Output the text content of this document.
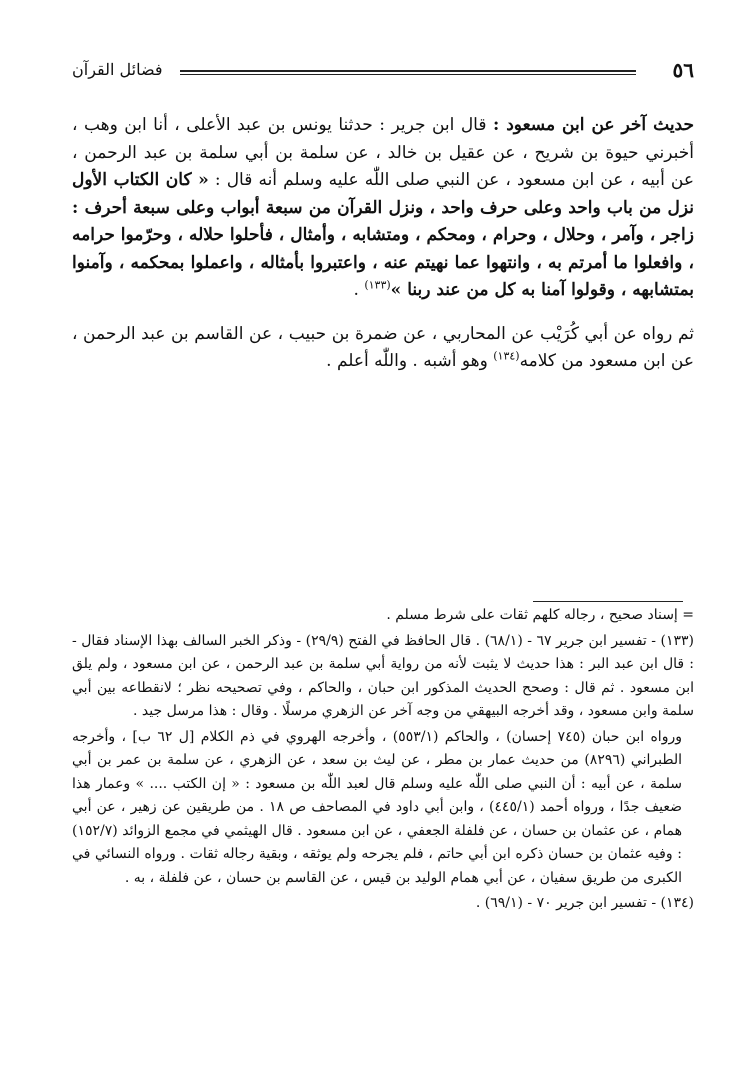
٥٦
فضائل القرآن

حديث آخر عن ابن مسعود : قال ابن جرير : حدثنا يونس بن عبد الأعلى ، أنا ابن وهب ، أخبرني حيوة بن شريح ، عن عقيل بن خالد ، عن سلمة بن أبي سلمة بن عبد الرحمن ، عن أبيه ، عن ابن مسعود ، عن النبي صلى اللّٰه عليه وسلم أنه قال : « كان الكتاب الأول نزل من باب واحد وعلى حرف واحد ، ونزل القرآن من سبعة أبواب وعلى سبعة أحرف : زاجر ، وآمر ، وحلال ، وحرام ، ومحكم ، ومتشابه ، وأمثال ، فأحلوا حلاله ، وحرّموا حرامه ، وافعلوا ما أمرتم به ، وانتهوا عما نهيتم عنه ، واعتبروا بأمثاله ، واعملوا بمحكمه ، وآمنوا بمتشابهه ، وقولوا آمنا به كل من عند ربنا »$^{(١٣٣)}$ .

ثم رواه عن أبي كُرَيْب عن المحاربي ، عن ضمرة بن حبيب ، عن القاسم بن عبد الرحمن ، عن ابن مسعود من كلامه$^{(١٣٤)}$ وهو أشبه . واللّٰه أعلم .

= إسناد صحيح ، رجاله كلهم ثقات على شرط مسلم .

(١٣٣) - تفسير ابن جرير ٦٧ - (٦٨/١) . قال الحافظ في الفتح (٢٩/٩) - وذكر الخبر السالف بهذا الإسناد فقال - : قال ابن عبد البر : هذا حديث لا يثبت لأنه من رواية أبي سلمة بن عبد الرحمن ، عن ابن مسعود ، ولم يلق ابن مسعود . ثم قال : وصحح الحديث المذكور ابن حبان ، والحاكم ، وفي تصحيحه نظر ؛ لانقطاعه بين أبي سلمة وابن مسعود ، وقد أخرجه البيهقي من وجه آخر عن الزهري مرسلًا . وقال : هذا مرسل جيد .

ورواه ابن حبان (٧٤٥ إحسان) ، والحاكم (٥٥٣/١) ، وأخرجه الهروي في ذم الكلام [ل ٦٢ ب] ، وأخرجه الطبراني (٨٢٩٦) من حديث عمار بن مطر ، عن ليث بن سعد ، عن الزهري ، عن سلمة بن عمر بن أبي سلمة ، عن أبيه : أن النبي صلى اللّٰه عليه وسلم قال لعبد اللّٰه بن مسعود : « إن الكتب .... » وعمار هذا ضعيف جدًا ، ورواه أحمد (٤٤٥/١) ، وابن أبي داود في المصاحف ص ١٨ . من طريقين عن زهير ، عن أبي همام ، عن عثمان بن حسان ، عن فلفلة الجعفي ، عن ابن مسعود . قال الهيثمي في مجمع الزوائد (١٥٢/٧) : وفيه عثمان بن حسان ذكره ابن أبي حاتم ، فلم يجرحه ولم يوثقه ، وبقية رجاله ثقات . ورواه النسائي في الكبرى من طريق سفيان ، عن أبي همام الوليد بن قيس ، عن القاسم بن حسان ، عن فلفلة ، به .

(١٣٤) - تفسير ابن جرير ٧٠ - (٦٩/١) .
